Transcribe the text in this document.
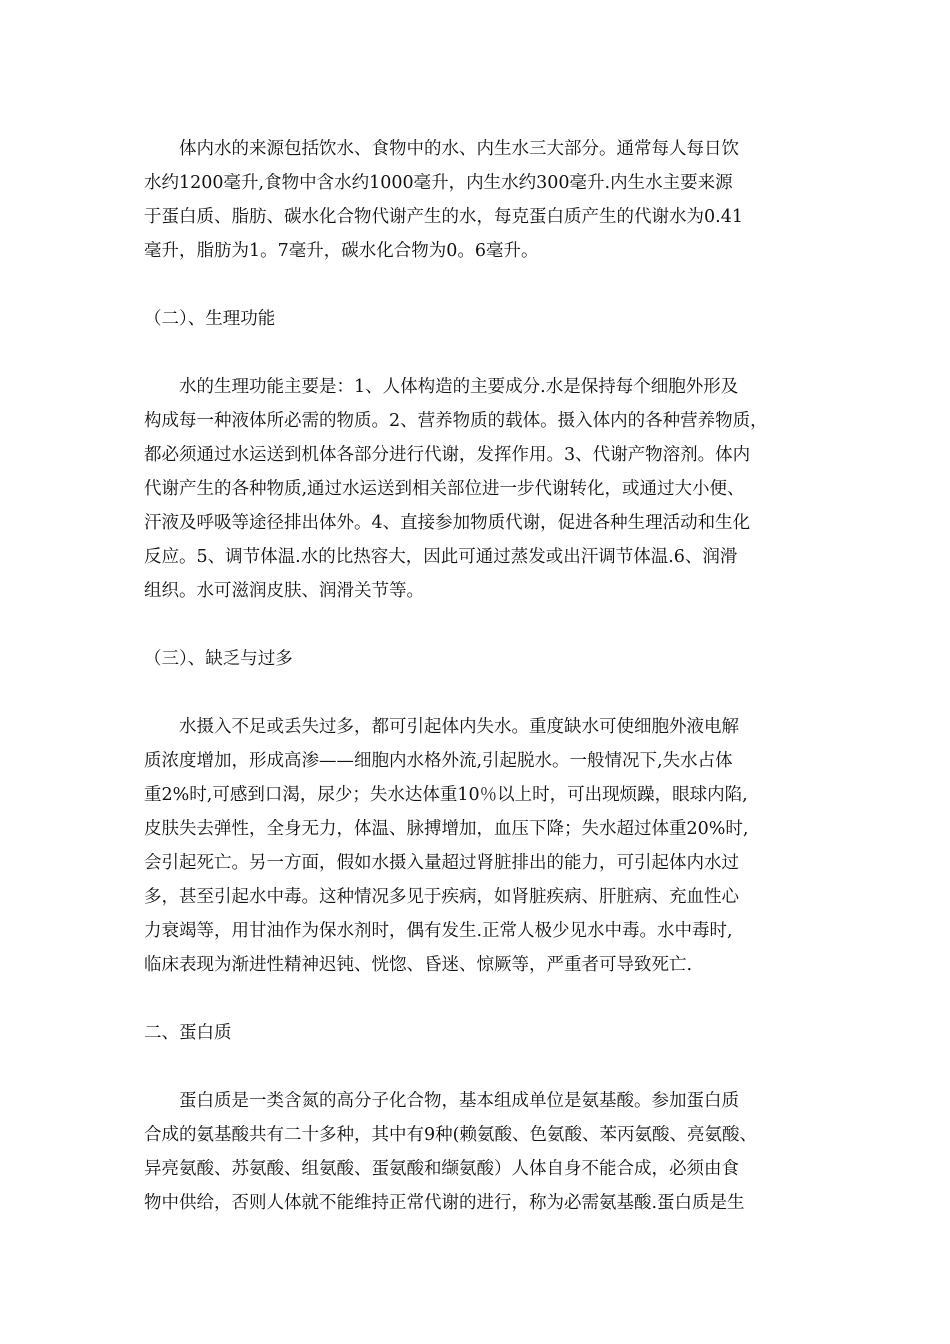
体内水的来源包括饮水、食物中的水、内生水三大部分。通常每人每日饮
水约1200毫升,食物中含水约1000毫升，内生水约300毫升.内生水主要来源
于蛋白质、脂肪、碳水化合物代谢产生的水，每克蛋白质产生的代谢水为0.41
毫升，脂肪为1。7毫升，碳水化合物为0。6毫升。
（二）、生理功能
水的生理功能主要是：1、人体构造的主要成分.水是保持每个细胞外形及
构成每一种液体所必需的物质。2、营养物质的载体。摄入体内的各种营养物质，
都必须通过水运送到机体各部分进行代谢，发挥作用。3、代谢产物溶剂。体内
代谢产生的各种物质,通过水运送到相关部位进一步代谢转化，或通过大小便、
汗液及呼吸等途径排出体外。4、直接参加物质代谢，促进各种生理活动和生化
反应。5、调节体温.水的比热容大，因此可通过蒸发或出汗调节体温.6、润滑
组织。水可滋润皮肤、润滑关节等。
（三）、缺乏与过多
水摄入不足或丢失过多，都可引起体内失水。重度缺水可使细胞外液电解
质浓度增加，形成高渗——细胞内水格外流,引起脱水。一般情况下,失水占体
重2%时,可感到口渴，尿少；失水达体重10％以上时，可出现烦躁，眼球内陷,
皮肤失去弹性，全身无力，体温、脉搏增加，血压下降；失水超过体重20%时,
会引起死亡。另一方面，假如水摄入量超过肾脏排出的能力，可引起体内水过
多，甚至引起水中毒。这种情况多见于疾病，如肾脏疾病、肝脏病、充血性心
力衰竭等，用甘油作为保水剂时，偶有发生.正常人极少见水中毒。水中毒时,
临床表现为渐进性精神迟钝、恍惚、昏迷、惊厥等，严重者可导致死亡.
二、蛋白质
蛋白质是一类含氮的高分子化合物，基本组成单位是氨基酸。参加蛋白质
合成的氨基酸共有二十多种，其中有9种(赖氨酸、色氨酸、苯丙氨酸、亮氨酸、
异亮氨酸、苏氨酸、组氨酸、蛋氨酸和缬氨酸）人体自身不能合成，必须由食
物中供给，否则人体就不能维持正常代谢的进行，称为必需氨基酸.蛋白质是生
